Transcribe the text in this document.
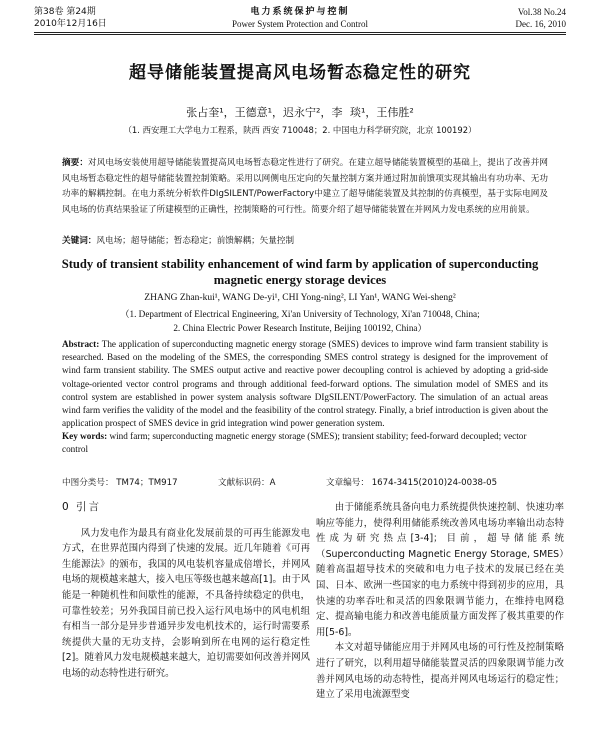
第38卷 第24期
2010年12月16日
电力系统保护与控制
Power System Protection and Control
Vol.38 No.24
Dec. 16, 2010
超导储能装置提高风电场暂态稳定性的研究
张占奎¹，王德意¹，迟永宁²，李 琰¹，王伟胜²
（1. 西安理工大学电力工程系，陕西 西安 710048；2. 中国电力科学研究院，北京 100192）
摘要：对风电场安装使用超导储能装置提高风电场暂态稳定性进行了研究。在建立超导储能装置模型的基础上，提出了改善并网风电场暂态稳定性的超导储能装置控制策略。采用以网侧电压定向的矢量控制方案并通过附加前馈项实现其输出有功功率、无功功率的解耦控制。在电力系统分析软件DIgSILENT/PowerFactory中建立了超导储能装置及其控制的仿真模型，基于实际电网及风电场的仿真结果验证了所建模型的正确性，控制策略的可行性。简要介绍了超导储能装置在并网风力发电系统的应用前景。
关键词：风电场；超导储能；暂态稳定；前馈解耦；矢量控制
Study of transient stability enhancement of wind farm by application of superconducting magnetic energy storage devices
ZHANG Zhan-kui¹, WANG De-yi¹, CHI Yong-ning², LI Yan¹, WANG Wei-sheng²
（1. Department of Electrical Engineering, Xi'an University of Technology, Xi'an 710048, China;
2. China Electric Power Research Institute, Beijing 100192, China）
Abstract: The application of superconducting magnetic energy storage (SMES) devices to improve wind farm transient stability is researched. Based on the modeling of the SMES, the corresponding SMES control strategy is designed for the improvement of wind farm transient stability. The SMES output active and reactive power decoupling control is achieved by adopting a grid-side voltage-oriented vector control programs and through additional feed-forward options. The simulation model of SMES and its control system are established in power system analysis software DIgSILENT/PowerFactory. The simulation of an actual areas wind farm verifies the validity of the model and the feasibility of the control strategy. Finally, a brief introduction is given about the application prospect of SMES device in grid integration wind power generation system.
Key words: wind farm; superconducting magnetic energy storage (SMES); transient stability; feed-forward decoupled; vector control
中图分类号： TM74；TM917	文献标识码：A	文章编号： 1674-3415(2010)24-0038-05
0 引言

风力发电作为最具有商业化发展前景的可再生能源发电方式，在世界范围内得到了快速的发展。近几年随着《可再生能源法》的颁布，我国的风电装机容量成倍增长，并网风电场的规模越来越大，接入电压等级也越来越高[1]。由于风能是一种随机性和间歇性的能源，不具备持续稳定的供电，可靠性较差；另外我国目前已投入运行风电场中的风电机组有相当一部分是异步普通异步发电机技术的，运行时需要系统提供大量的无功支持，会影响到所在电网的运行稳定性[2]。随着风力发电规模越来越大，迫切需要如何改善并网风电场的动态特性进行研究。

由于储能系统具备向电力系统提供快速控制、快速功率响应等能力，使得利用储能系统改善风电场功率输出动态特性成为研究热点[3-4]；目前，超导储能系统（Superconducting Magnetic Energy Storage, SMES）随着高温超导技术的突破和电力电子技术的发展已经在美国、日本、欧洲一些国家的电力系统中得到初步的应用，具快速的功率吞吐和灵活的四象限调节能力，在维持电网稳定、提高输电能力和改善电能质量方面发挥了极其重要的作用[5-6]。

本文对超导储能应用于并网风电场的可行性及控制策略进行了研究，以利用超导储能装置灵活的四象限调节能力改善并网风电场的动态特性，提高并网风电场运行的稳定性；建立了采用电流源型变
